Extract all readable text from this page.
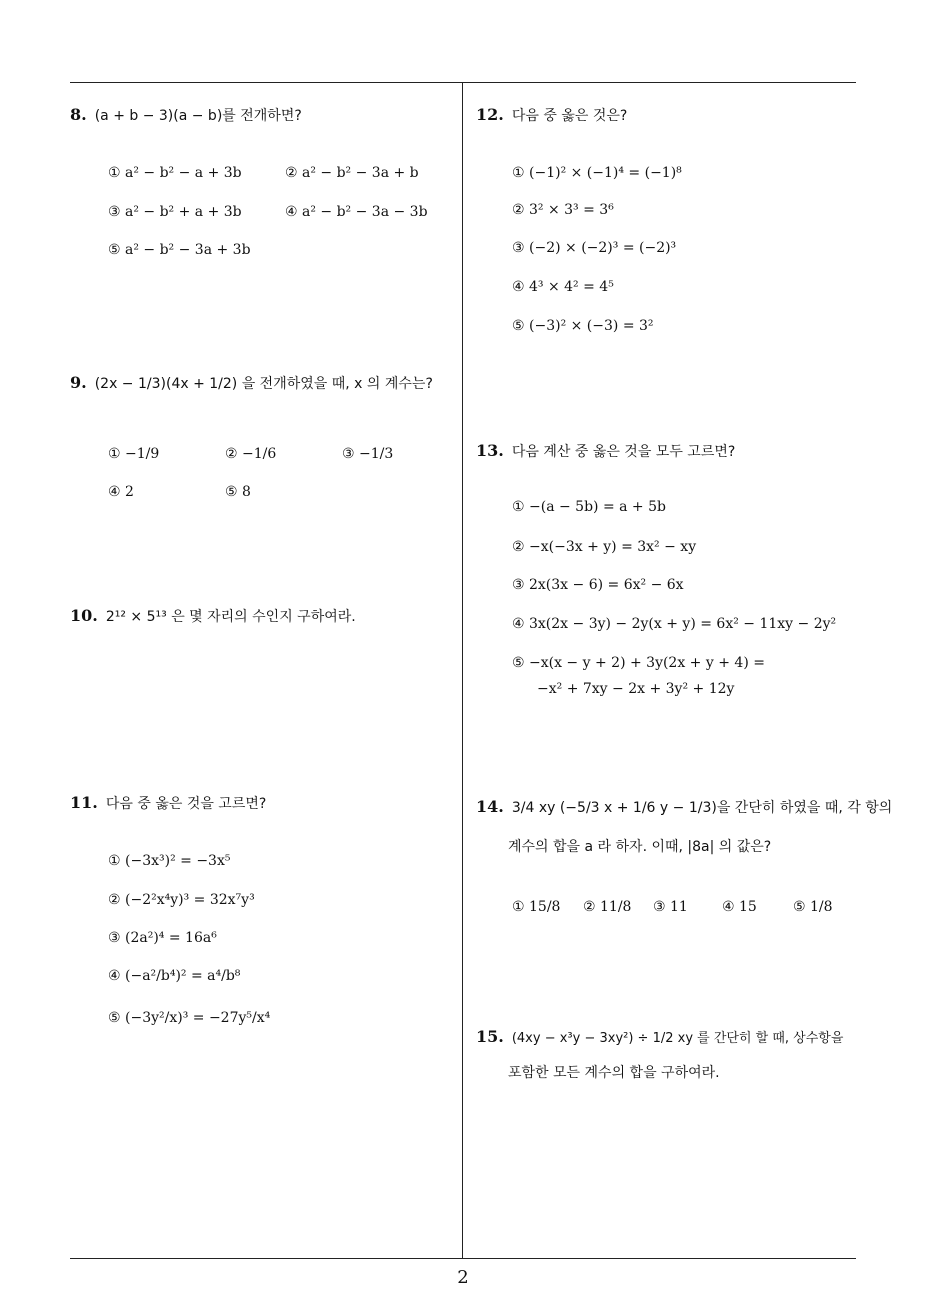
8. (a + b − 3)(a − b)를 전개하면?
① a² − b² − a + 3b	② a² − b² − 3a + b
③ a² − b² + a + 3b	④ a² − b² − 3a − 3b
⑤ a² − b² − 3a + 3b
9. (2x − 1/3)(4x + 1/2) 을 전개하였을 때, x 의 계수는?
① −1/9	② −1/6	③ −1/3
④ 2	⑤ 8
10. 2¹² × 5¹³ 은 몇 자리의 수인지 구하여라.
11. 다음 중 옳은 것을 고르면?
① (−3x³)² = −3x⁵
② (−2²x⁴y)³ = 32x⁷y³
③ (2a²)⁴ = 16a⁶
④ (−a²/b⁴)² = a⁴/b⁸
⑤ (−3y²/x)³ = −27y⁵/x⁴
12. 다음 중 옳은 것은?
① (−1)² × (−1)⁴ = (−1)⁸
② 3² × 3³ = 3⁶
③ (−2) × (−2)³ = (−2)³
④ 4³ × 4² = 4⁵
⑤ (−3)² × (−3) = 3²
13. 다음 계산 중 옳은 것을 모두 고르면?
① −(a − 5b) = a + 5b
② −x(−3x + y) = 3x² − xy
③ 2x(3x − 6) = 6x² − 6x
④ 3x(2x − 3y) − 2y(x + y) = 6x² − 11xy − 2y²
⑤ −x(x − y + 2) + 3y(2x + y + 4) =
−x² + 7xy − 2x + 3y² + 12y
14. 3/4 xy (−5/3 x + 1/6 y − 1/3)을 간단히 하였을 때, 각 항의
계수의 합을 a 라 하자. 이때, |8a| 의 값은?
① 15/8 ② 11/8 ③ 11 ④ 15	⑤ 1/8
15. (4xy − x³y − 3xy²) ÷ 1/2 xy 를 간단히 할 때, 상수항을
포함한 모든 계수의 합을 구하여라.
2
